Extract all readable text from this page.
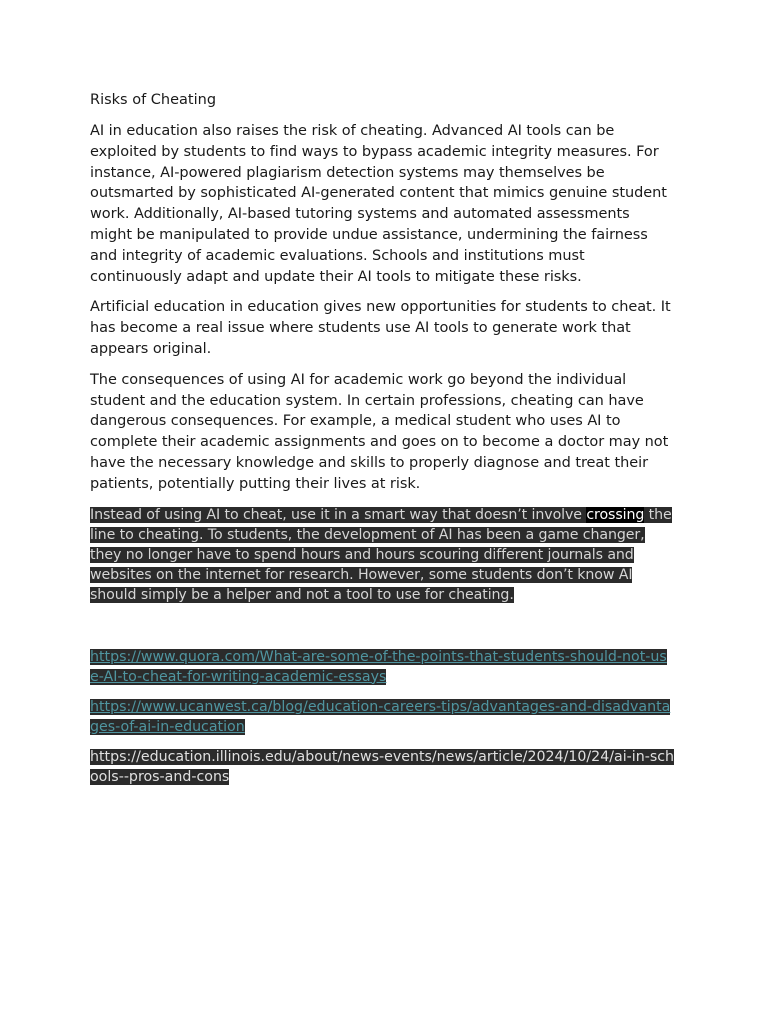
Risks of Cheating

AI in education also raises the risk of cheating. Advanced AI tools can be exploited by students to find ways to bypass academic integrity measures. For instance, AI-powered plagiarism detection systems may themselves be outsmarted by sophisticated AI-generated content that mimics genuine student work. Additionally, AI-based tutoring systems and automated assessments might be manipulated to provide undue assistance, undermining the fairness and integrity of academic evaluations. Schools and institutions must continuously adapt and update their AI tools to mitigate these risks.

Artificial education in education gives new opportunities for students to cheat. It has become a real issue where students use AI tools to generate work that appears original.

The consequences of using AI for academic work go beyond the individual student and the education system. In certain professions, cheating can have dangerous consequences. For example, a medical student who uses AI to complete their academic assignments and goes on to become a doctor may not have the necessary knowledge and skills to properly diagnose and treat their patients, potentially putting their lives at risk.

Instead of using AI to cheat, use it in a smart way that doesn’t involve crossing the line to cheating. To students, the development of AI has been a game changer, they no longer have to spend hours and hours scouring different journals and websites on the internet for research. However, some students don’t know AI should simply be a helper and not a tool to use for cheating.

https://www.quora.com/What-are-some-of-the-points-that-students-should-not-use-AI-to-cheat-for-writing-academic-essays

https://www.ucanwest.ca/blog/education-careers-tips/advantages-and-disadvantages-of-ai-in-education

https://education.illinois.edu/about/news-events/news/article/2024/10/24/ai-in-schools--pros-and-cons
